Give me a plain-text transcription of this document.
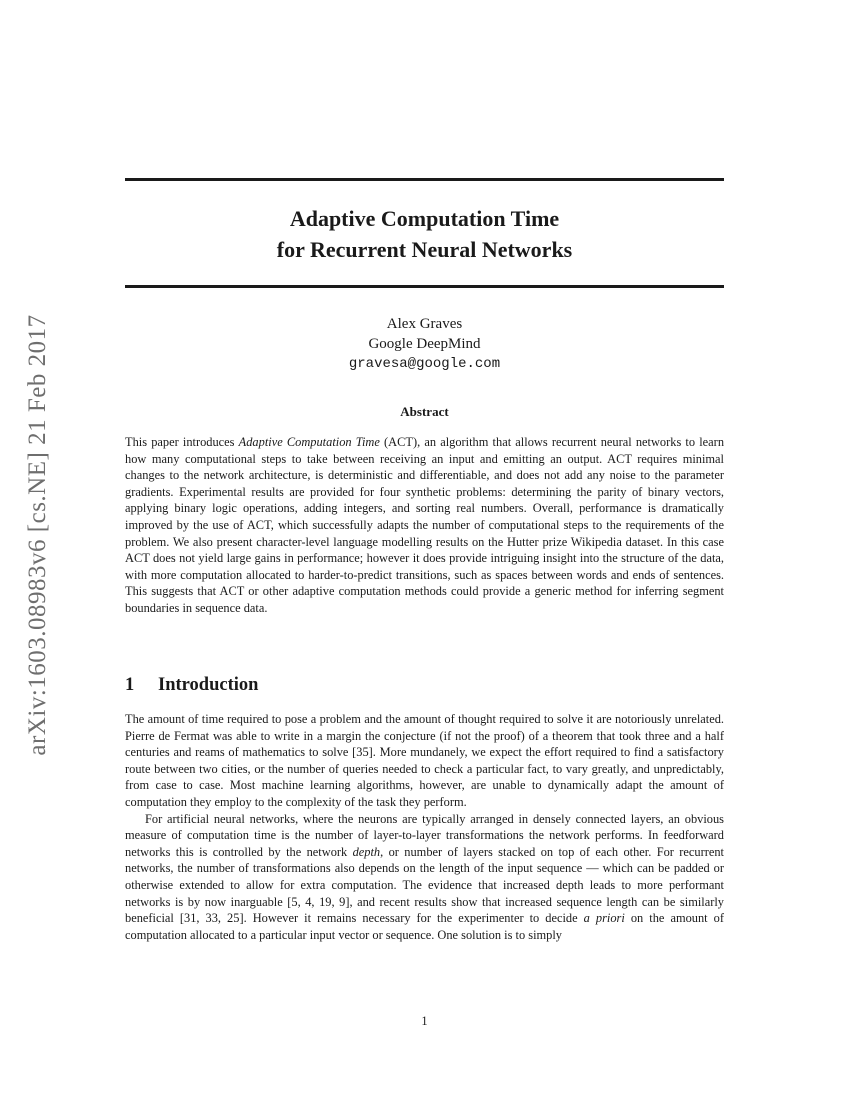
arXiv:1603.08983v6 [cs.NE] 21 Feb 2017
Adaptive Computation Time
for Recurrent Neural Networks
Alex Graves
Google DeepMind
gravesa@google.com
Abstract

This paper introduces Adaptive Computation Time (ACT), an algorithm that allows recurrent neural networks to learn how many computational steps to take between receiving an input and emitting an output. ACT requires minimal changes to the network architecture, is deterministic and differentiable, and does not add any noise to the parameter gradients. Experimental results are provided for four synthetic problems: determining the parity of binary vectors, applying binary logic operations, adding integers, and sorting real numbers. Overall, performance is dramatically improved by the use of ACT, which successfully adapts the number of computational steps to the requirements of the problem. We also present character-level language modelling results on the Hutter prize Wikipedia dataset. In this case ACT does not yield large gains in performance; however it does provide intriguing insight into the structure of the data, with more computation allocated to harder-to-predict transitions, such as spaces between words and ends of sentences. This suggests that ACT or other adaptive computation methods could provide a generic method for inferring segment boundaries in sequence data.

1 Introduction

The amount of time required to pose a problem and the amount of thought required to solve it are notoriously unrelated. Pierre de Fermat was able to write in a margin the conjecture (if not the proof) of a theorem that took three and a half centuries and reams of mathematics to solve [35]. More mundanely, we expect the effort required to find a satisfactory route between two cities, or the number of queries needed to check a particular fact, to vary greatly, and unpredictably, from case to case. Most machine learning algorithms, however, are unable to dynamically adapt the amount of computation they employ to the complexity of the task they perform.

For artificial neural networks, where the neurons are typically arranged in densely connected layers, an obvious measure of computation time is the number of layer-to-layer transformations the network performs. In feedforward networks this is controlled by the network depth, or number of layers stacked on top of each other. For recurrent networks, the number of transformations also depends on the length of the input sequence — which can be padded or otherwise extended to allow for extra computation. The evidence that increased depth leads to more performant networks is by now inarguable [5, 4, 19, 9], and recent results show that increased sequence length can be similarly beneficial [31, 33, 25]. However it remains necessary for the experimenter to decide a priori on the amount of computation allocated to a particular input vector or sequence. One solution is to simply

1
